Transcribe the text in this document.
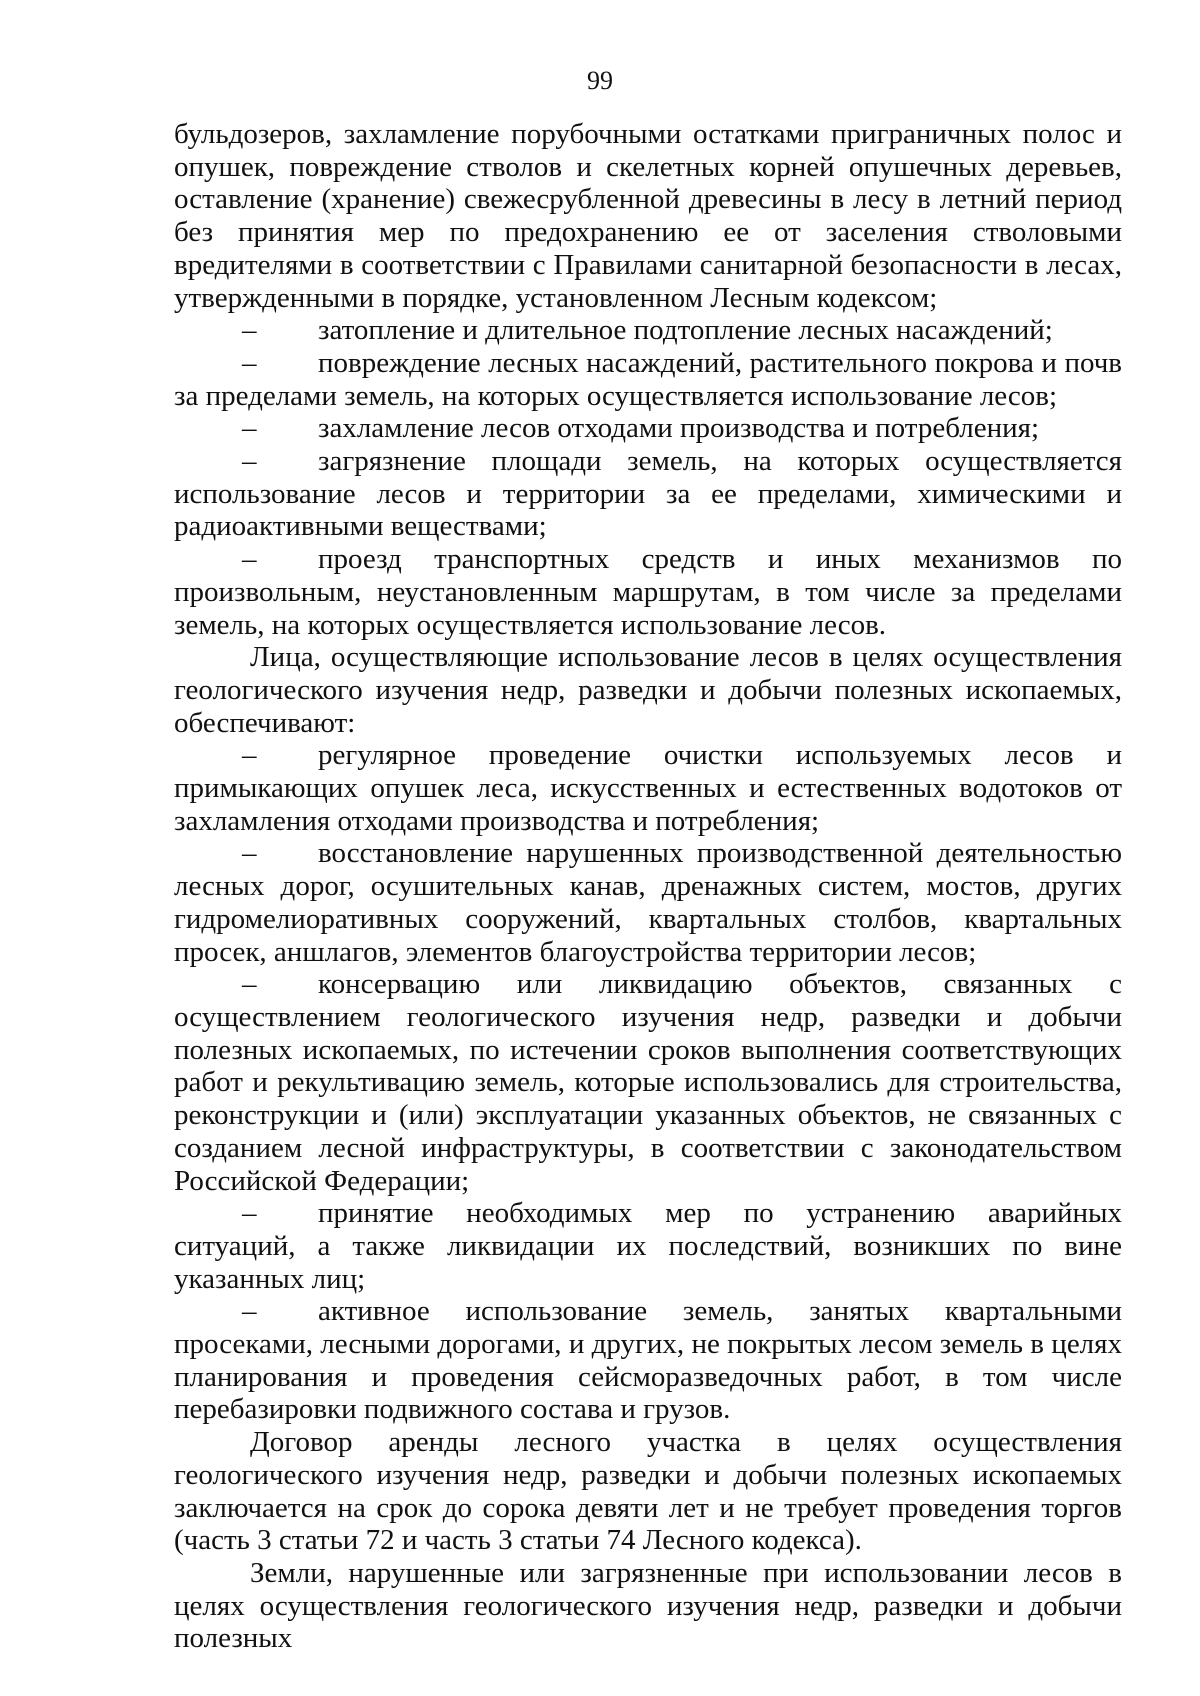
99

бульдозеров, захламление порубочными остатками приграничных полос и опушек, повреждение стволов и скелетных корней опушечных деревьев, оставление (хранение) свежесрубленной древесины в лесу в летний период без принятия мер по предохранению ее от заселения стволовыми вредителями в соответствии с Правилами санитарной безопасности в лесах, утвержденными в порядке, установленном Лесным кодексом;

– затопление и длительное подтопление лесных насаждений;

– повреждение лесных насаждений, растительного покрова и почв за пределами земель, на которых осуществляется использование лесов;

– захламление лесов отходами производства и потребления;

– загрязнение площади земель, на которых осуществляется использование лесов и территории за ее пределами, химическими и радиоактивными веществами;

– проезд транспортных средств и иных механизмов по произвольным, неустановленным маршрутам, в том числе за пределами земель, на которых осуществляется использование лесов.

Лица, осуществляющие использование лесов в целях осуществления геологического изучения недр, разведки и добычи полезных ископаемых, обеспечивают:

– регулярное проведение очистки используемых лесов и примыкающих опушек леса, искусственных и естественных водотоков от захламления отходами производства и потребления;

– восстановление нарушенных производственной деятельностью лесных дорог, осушительных канав, дренажных систем, мостов, других гидромелиоративных сооружений, квартальных столбов, квартальных просек, аншлагов, элементов благоустройства территории лесов;

– консервацию или ликвидацию объектов, связанных с осуществлением геологического изучения недр, разведки и добычи полезных ископаемых, по истечении сроков выполнения соответствующих работ и рекультивацию земель, которые использовались для строительства, реконструкции и (или) эксплуатации указанных объектов, не связанных с созданием лесной инфраструктуры, в соответствии с законодательством Российской Федерации;

– принятие необходимых мер по устранению аварийных ситуаций, а также ликвидации их последствий, возникших по вине указанных лиц;

– активное использование земель, занятых квартальными просеками, лесными дорогами, и других, не покрытых лесом земель в целях планирования и проведения сейсморазведочных работ, в том числе перебазировки подвижного состава и грузов.

Договор аренды лесного участка в целях осуществления геологического изучения недр, разведки и добычи полезных ископаемых заключается на срок до сорока девяти лет и не требует проведения торгов (часть 3 статьи 72 и часть 3 статьи 74 Лесного кодекса).

Земли, нарушенные или загрязненные при использовании лесов в целях осуществления геологического изучения недр, разведки и добычи полезных
